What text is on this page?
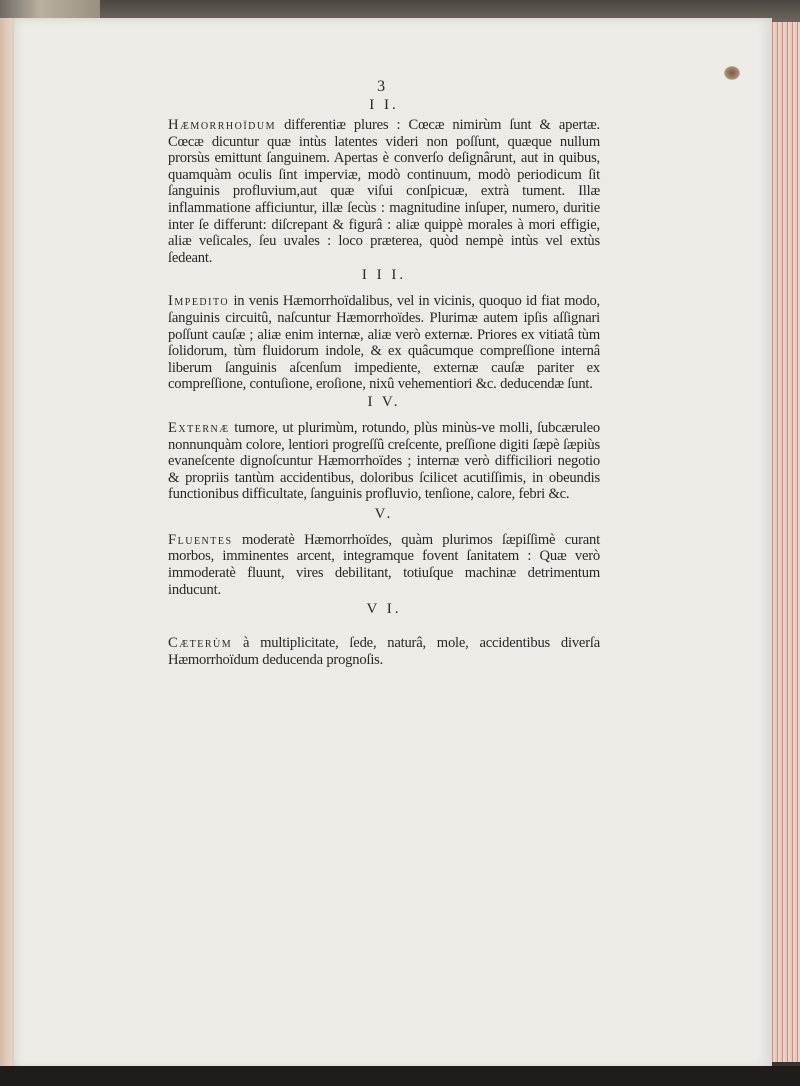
3
I I.
Hæmorrhoïdum differentiæ plures : Cœcæ nimirùm ſunt & apertæ. Cœcæ dicuntur quæ intùs latentes videri non poſſunt, quæque nullum prorsùs emittunt ſanguinem. Apertas è converſo deſignârunt, aut in quibus, quamquàm oculis ſint imperviæ, modò continuum, modò periodicum ſit ſanguinis profluvium,aut quæ viſui conſpicuæ, extrà tument. Illæ inflammatione afficiuntur, illæ ſecùs : magnitudine inſuper, numero, duritie inter ſe differunt: diſcrepant & figurâ : aliæ quippè morales à mori effigie, aliæ veſicales, ſeu uvales : loco præterea, quòd nempè intùs vel extùs ſedeant.
I I I.
Impedito in venis Hæmorrhoïdalibus, vel in vicinis, quoquo id fiat modo, ſanguinis circuitû, naſcuntur Hæmorrhoïdes. Plurimæ autem ipſis aſſignari poſſunt cauſæ ; aliæ enim internæ, aliæ verò externæ. Priores ex vitiatâ tùm ſolidorum, tùm fluidorum indole, & ex quâcumque compreſſione internâ liberum ſanguinis aſcenſum impediente, externæ cauſæ pariter ex compreſſione, contuſione, eroſione, nixû vehementiori &c. deducendæ ſunt.
I V.
Externæ tumore, ut plurimùm, rotundo, plùs minùs-ve molli, ſubcæruleo nonnunquàm colore, lentiori progreſſû creſcente, preſſione digiti ſæpè ſæpiùs evaneſcente dignoſcuntur Hæmorrhoïdes ; internæ verò difficiliori negotio & propriis tantùm accidentibus, doloribus ſcilicet acutiſſimis, in obeundis functionibus difficultate, ſanguinis profluvio, tenſione, calore, febri &c.
V.
Fluentes moderatè Hæmorrhoïdes, quàm plurimos ſæpiſſimè curant morbos, imminentes arcent, integramque fovent ſanitatem : Quæ verò immoderatè fluunt, vires debilitant, totiuſque machinæ detrimentum inducunt.
V I.
Cæterùm à multiplicitate, ſede, naturâ, mole, accidentibus diverſa Hæmorrhoïdum deducenda prognoſis.
